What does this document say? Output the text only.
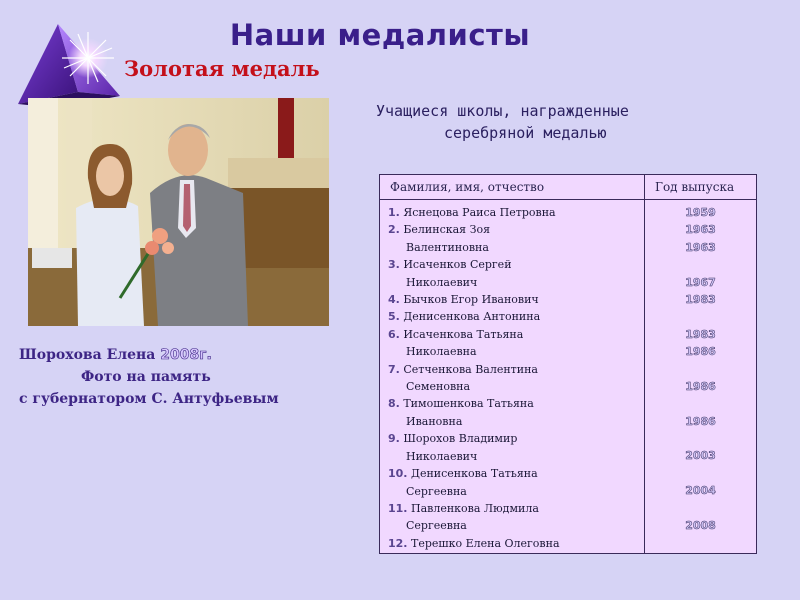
Наши медалисты
Золотая медаль
Шорохова Елена 2008г.
Фото на память
с губернатором С. Антуфьевым
Учащиеся школы, награжденные
серебряной медалью
Фамилия, имя, отчество	Год выпуска
1. Яснецова Раиса Петровна
2. Белинская Зоя
Валентиновна
3. Исаченков Сергей
Николаевич
4. Бычков Егор Иванович
5. Денисенкова Антонина
6. Исаченкова Татьяна
Николаевна
7. Сетченкова Валентина
Семеновна
8. Тимошенкова Татьяна
Ивановна
9. Шорохов Владимир
Николаевич
10. Денисенкова Татьяна
Сергеевна
11. Павленкова Людмила
Сергеевна
12. Терешко Елена Олеговна
1959
1963
1963
1967
1983
1983
1986
1986
1986
2003
2004
2008
